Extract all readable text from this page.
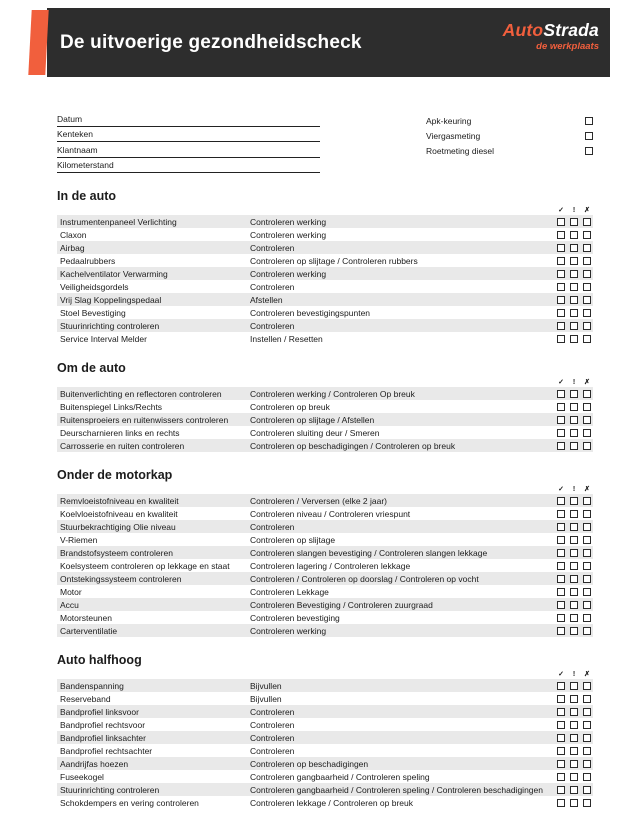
De uitvoerige gezondheidscheck
AutoStrada
de werkplaats
Datum
Kenteken
Klantnaam
Kilometerstand
Apk-keuring
Viergasmeting
Roetmeting diesel
In de auto
✓	!	✗
Instrumentenpaneel Verlichting	Controleren werking
Claxon	Controleren werking
Airbag	Controleren
Pedaalrubbers	Controleren op slijtage / Controleren rubbers
Kachelventilator Verwarming	Controleren werking
Veiligheidsgordels	Controleren
Vrij Slag Koppelingspedaal	Afstellen
Stoel Bevestiging	Controleren bevestigingspunten
Stuurinrichting controleren	Controleren
Service Interval Melder	Instellen / Resetten
Om de auto
✓	!	✗
Buitenverlichting en reflectoren controleren	Controleren werking / Controleren Op breuk
Buitenspiegel Links/Rechts	Controleren op breuk
Ruitensproeiers en ruitenwissers controleren	Controleren op slijtage / Afstellen
Deurscharnieren links en rechts	Controleren sluiting deur / Smeren
Carrosserie en ruiten controleren	Controleren op beschadigingen / Controleren op breuk
Onder de motorkap
✓	!	✗
Remvloeistofniveau en kwaliteit	Controleren / Verversen (elke 2 jaar)
Koelvloeistofniveau en kwaliteit	Controleren niveau / Controleren vriespunt
Stuurbekrachtiging Olie niveau	Controleren
V-Riemen	Controleren op slijtage
Brandstofsysteem controleren	Controleren slangen bevestiging / Controleren slangen lekkage
Koelsysteem controleren op lekkage en staat	Controleren lagering / Controleren lekkage
Ontstekingssysteem controleren	Controleren / Controleren op doorslag / Controleren op vocht
Motor	Controleren Lekkage
Accu	Controleren Bevestiging / Controleren zuurgraad
Motorsteunen	Controleren bevestiging
Carterventilatie	Controleren werking
Auto halfhoog
✓	!	✗
Bandenspanning	Bijvullen
Reserveband	Bijvullen
Bandprofiel linksvoor	Controleren
Bandprofiel rechtsvoor	Controleren
Bandprofiel linksachter	Controleren
Bandprofiel rechtsachter	Controleren
Aandrijfas hoezen	Controleren op beschadigingen
Fuseekogel	Controleren gangbaarheid / Controleren speling
Stuurinrichting controleren	Controleren gangbaarheid / Controleren speling / Controleren beschadigingen
Schokdempers en vering controleren	Controleren lekkage / Controleren op breuk
